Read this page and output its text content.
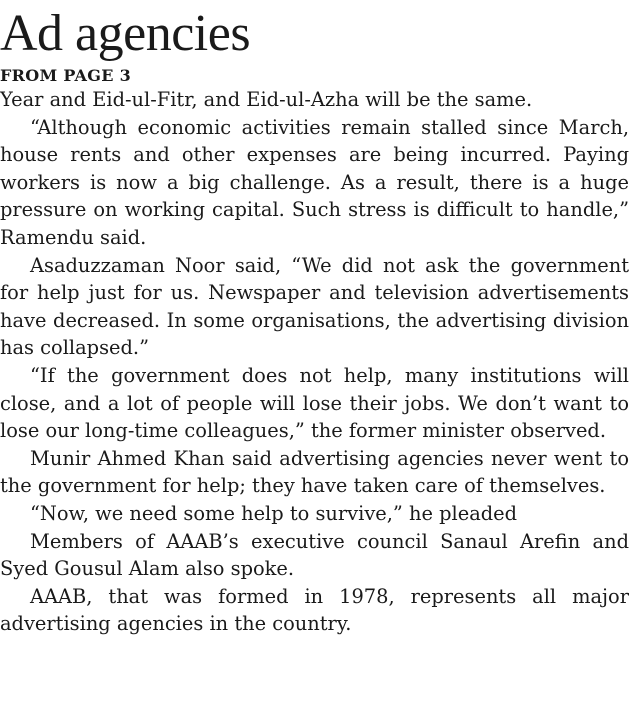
Ad agencies
FROM PAGE 3

Year and Eid-ul-Fitr, and Eid-ul-Azha will be the same.

“Although economic activities remain stalled since March, house rents and other expenses are being incurred. Paying workers is now a big challenge. As a result, there is a huge pressure on working capital. Such stress is difficult to handle,” Ramendu said.

Asaduzzaman Noor said, “We did not ask the government for help just for us. Newspaper and television advertisements have decreased. In some organisations, the advertising division has collapsed.”

“If the government does not help, many institutions will close, and a lot of people will lose their jobs. We don’t want to lose our long-time colleagues,” the former minister observed.

Munir Ahmed Khan said advertising agencies never went to the government for help; they have taken care of themselves.

“Now, we need some help to survive,” he pleaded

Members of AAAB’s executive council Sanaul Arefin and Syed Gousul Alam also spoke.

AAAB, that was formed in 1978, represents all major advertising agencies in the country.
